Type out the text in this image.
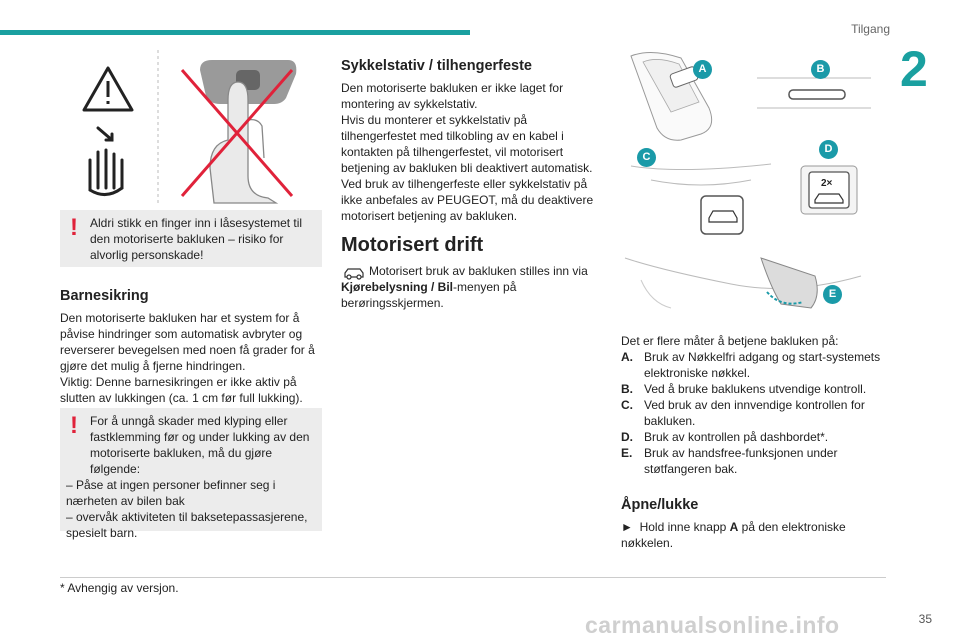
Tilgang
2
!	Aldri stikk en finger inn i låsesystemet til den motoriserte bakluken – risiko for alvorlig personskade!

Barnesikring

Den motoriserte bakluken har et system for å påvise hindringer som automatisk avbryter og reverserer bevegelsen med noen få grader for å gjøre det mulig å fjerne hindringen.

Viktig: Denne barnesikringen er ikke aktiv på slutten av lukkingen (ca. 1 cm før full lukking).

!	For å unngå skader med klyping eller fastklemming før og under lukking av den motoriserte bakluken, må du gjøre følgende:
– Påse at ingen personer befinner seg i nærheten av bilen bak
– overvåk aktiviteten til baksetepassasjerene, spesielt barn.

Sykkelstativ / tilhengerfeste

Den motoriserte bakluken er ikke laget for montering av sykkelstativ.

Hvis du monterer et sykkelstativ på tilhengerfestet med tilkobling av en kabel i kontakten på tilhengerfestet, vil motorisert betjening av bakluken bli deaktivert automatisk.

Ved bruk av tilhengerfeste eller sykkelstativ på ikke anbefales av PEUGEOT, må du deaktivere motorisert betjening av bakluken.

Motorisert drift

Motorisert bruk av bakluken stilles inn via Kjørebelysning / Bil-menyen på berøringsskjermen.

2×
A	B
C
D
E

Det er flere måter å betjene bakluken på:

A. Bruk av Nøkkelfri adgang og start-systemets elektroniske nøkkel.
B. Ved å bruke baklukens utvendige kontroll.
C. Ved bruk av den innvendige kontrollen for bakluken.
D. Bruk av kontrollen på dashbordet*.
E. Bruk av handsfree-funksjonen under støtfangeren bak.

Åpne/lukke

► Hold inne knapp A på den elektroniske nøkkelen.

* Avhengig av versjon.
carmanualsonline.info	35
